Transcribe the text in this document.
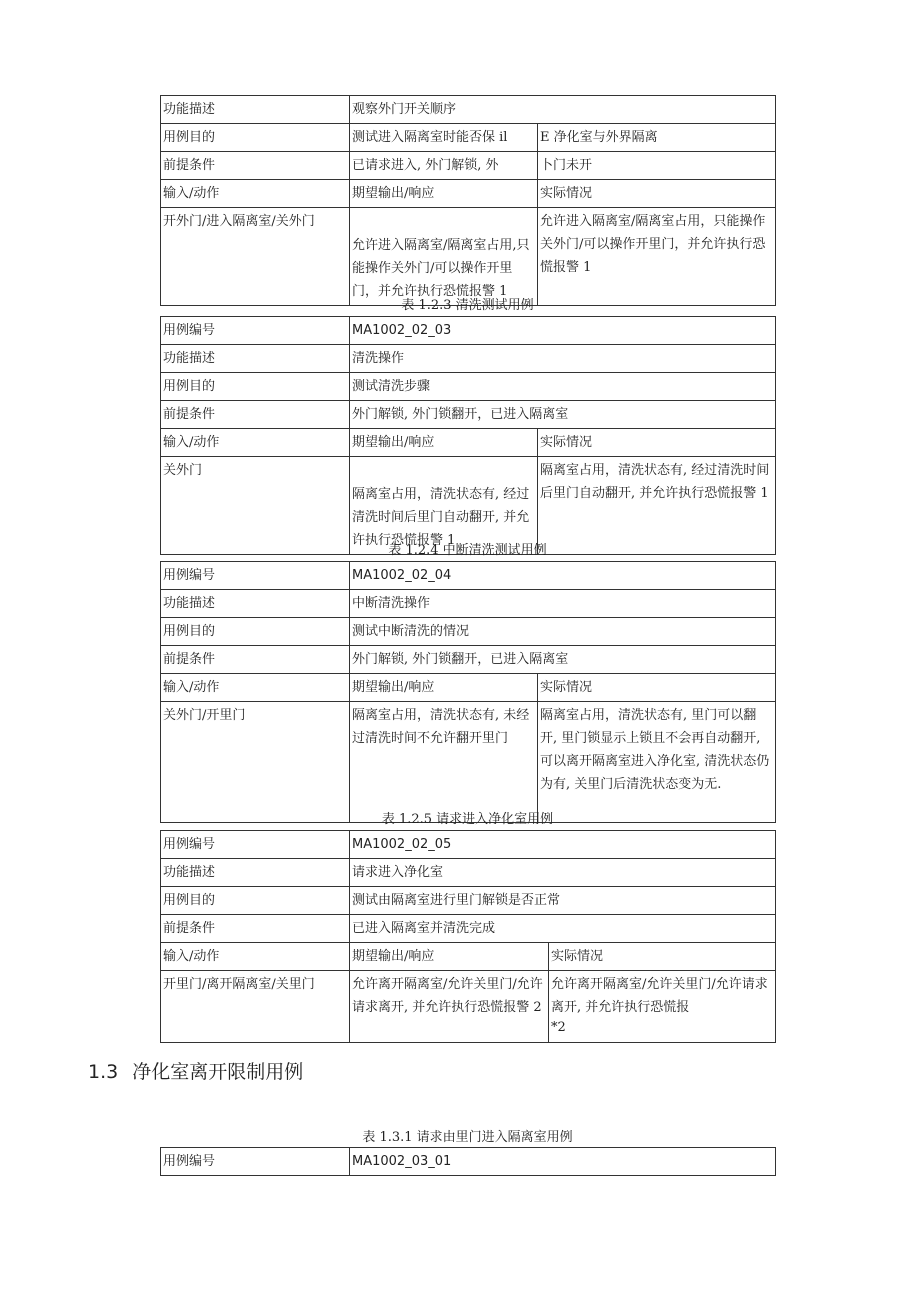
功能描述	观察外门开关顺序	
用例目的	测试进入隔离室时能否保 il	E 净化室与外界隔离
前提条件	已请求进入, 外门解锁, 外	卜门未开
输入/动作	期望输出/响应	实际情况
开外门/进入隔离室/关外门	允许进入隔离室/隔离室占用,只能操作关外门/可以操作开里门，并允许执行恐慌报警 1	允许进入隔离室/隔离室占用，只能操作关外门/可以操作开里门，并允许执行恐慌报警 1
表 1.2.3 清洗测试用例
用例编号	MA1002_02_03	
功能描述	清洗操作	
用例目的	测试清洗步骤	
前提条件	外门解锁, 外门锁翻开，已进入隔离室	
输入/动作	期望输出/响应	实际情况
关外门	隔离室占用，清洗状态有, 经过清洗时间后里门自动翻开, 并允许执行恐慌报警 1	隔离室占用，清洗状态有, 经过清洗时间后里门自动翻开, 并允许执行恐慌报警 1
表 1.2.4 中断清洗测试用例
用例编号	MA1002_02_04	
功能描述	中断清洗操作	
用例目的	测试中断清洗的情况	
前提条件	外门解锁, 外门锁翻开，已进入隔离室	
输入/动作	期望输出/响应	实际情况
关外门/开里门	隔离室占用，清洗状态有, 未经过清洗时间不允许翻开里门	隔离室占用，清洗状态有, 里门可以翻开, 里门锁显示上锁且不会再自动翻开, 可以离开隔离室进入净化室, 清洗状态仍为有, 关里门后清洗状态变为无.
表 1.2.5 请求进入净化室用例
用例编号	MA1002_02_05	
功能描述	请求进入净化室	
用例目的	测试由隔离室进行里门解锁是否正常	
前提条件	已进入隔离室并清洗完成	
输入/动作	期望输出/响应	实际情况
开里门/离开隔离室/关里门	允许离开隔离室/允许关里门/允许请求离开, 并允许执行恐慌报警 2	允许离开隔离室/允许关里门/允许请求离开, 并允许执行恐慌报
*2
1.3 净化室离开限制用例
表 1.3.1 请求由里门进入隔离室用例
用例编号	MA1002_03_01
